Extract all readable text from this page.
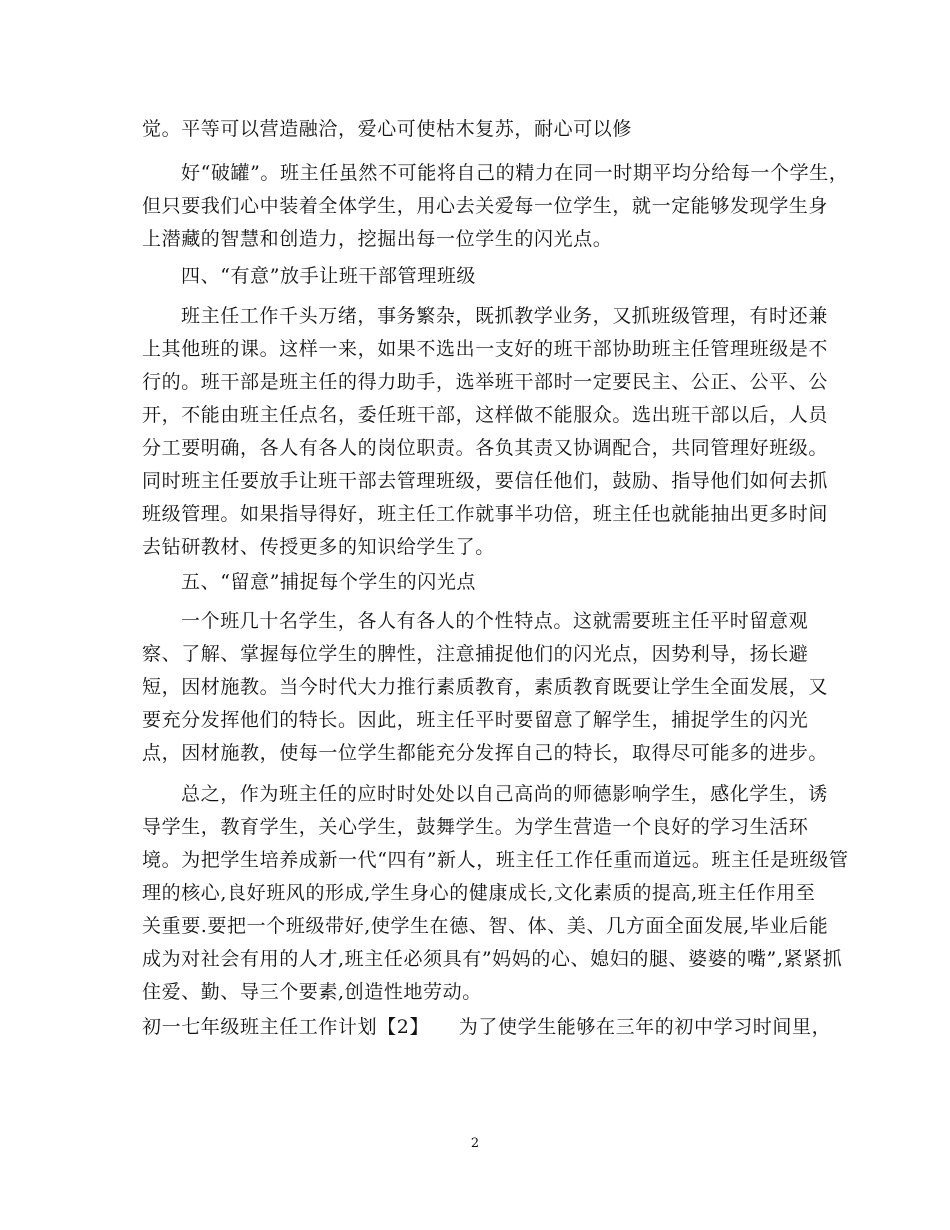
觉。平等可以营造融洽，爱心可使枯木复苏，耐心可以修
好“破罐”。班主任虽然不可能将自己的精力在同一时期平均分给每一个学生，
但只要我们心中装着全体学生，用心去关爱每一位学生，就一定能够发现学生身
上潜藏的智慧和创造力，挖掘出每一位学生的闪光点。
四、“有意”放手让班干部管理班级
班主任工作千头万绪，事务繁杂，既抓教学业务，又抓班级管理，有时还兼
上其他班的课。这样一来，如果不选出一支好的班干部协助班主任管理班级是不
行的。班干部是班主任的得力助手，选举班干部时一定要民主、公正、公平、公
开，不能由班主任点名，委任班干部，这样做不能服众。选出班干部以后，人员
分工要明确，各人有各人的岗位职责。各负其责又协调配合，共同管理好班级。
同时班主任要放手让班干部去管理班级，要信任他们，鼓励、指导他们如何去抓
班级管理。如果指导得好，班主任工作就事半功倍，班主任也就能抽出更多时间
去钻研教材、传授更多的知识给学生了。
五、“留意”捕捉每个学生的闪光点
一个班几十名学生，各人有各人的个性特点。这就需要班主任平时留意观
察、了解、掌握每位学生的脾性，注意捕捉他们的闪光点，因势利导，扬长避
短，因材施教。当今时代大力推行素质教育，素质教育既要让学生全面发展，又
要充分发挥他们的特长。因此，班主任平时要留意了解学生，捕捉学生的闪光
点，因材施教，使每一位学生都能充分发挥自己的特长，取得尽可能多的进步。
总之，作为班主任的应时时处处以自己高尚的师德影响学生，感化学生，诱
导学生，教育学生，关心学生，鼓舞学生。为学生营造一个良好的学习生活环
境。为把学生培养成新一代“四有”新人，班主任工作任重而道远。班主任是班级管
理的核心,良好班风的形成,学生身心的健康成长,文化素质的提高,班主任作用至
关重要.要把一个班级带好,使学生在德、智、体、美、几方面全面发展,毕业后能
成为对社会有用的人才,班主任必须具有”妈妈的心、媳妇的腿、婆婆的嘴”,紧紧抓
住爱、勤、导三个要素,创造性地劳动。
初一七年级班主任工作计划【2】　　为了使学生能够在三年的初中学习时间里，
2
